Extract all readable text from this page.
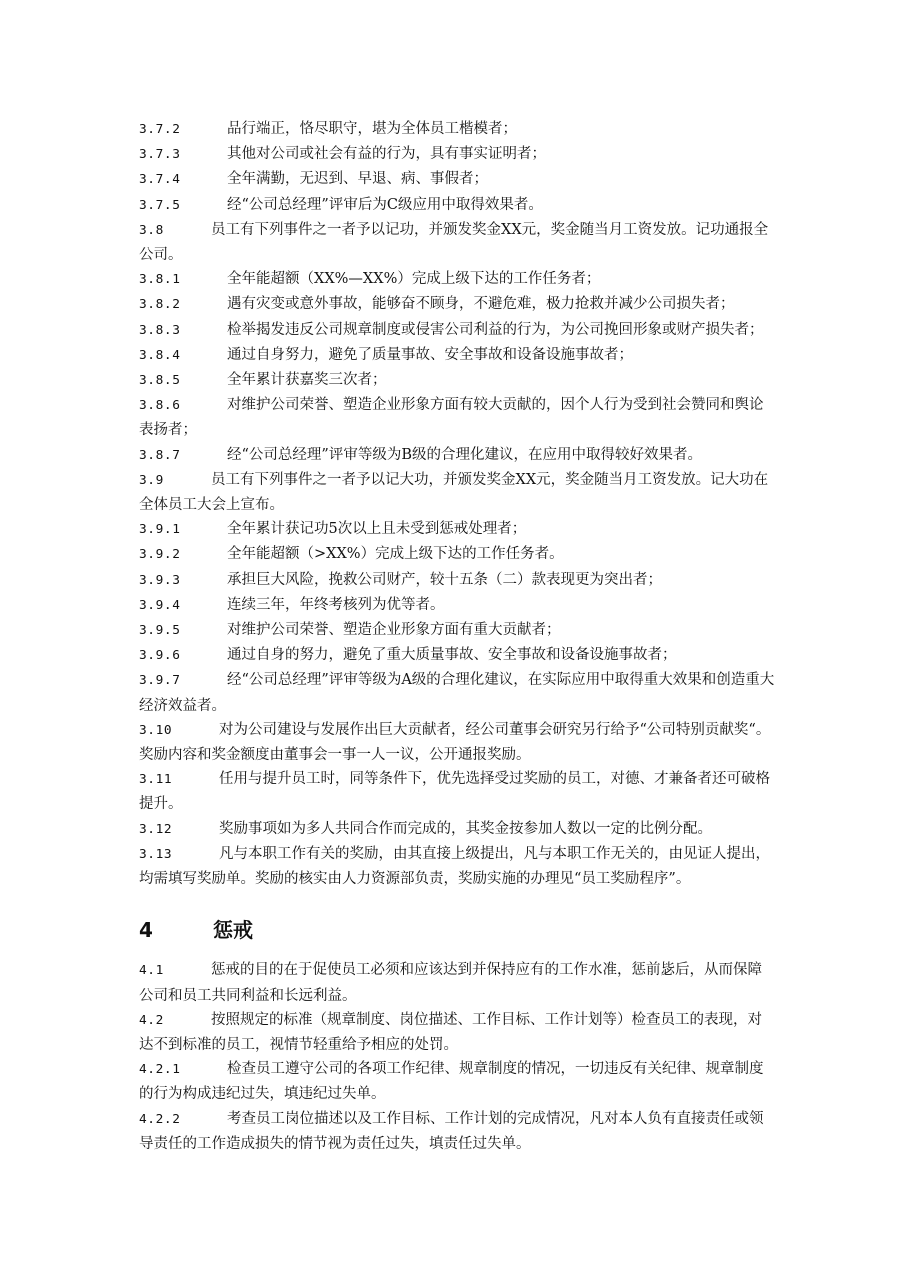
3.7.2	品行端正，恪尽职守，堪为全体员工楷模者；

3.7.3	其他对公司或社会有益的行为，具有事实证明者；

3.7.4	全年满勤，无迟到、早退、病、事假者；

3.7.5	经“公司总经理”评审后为C级应用中取得效果者。

3.8	员工有下列事件之一者予以记功，并颁发奖金XX元，奖金随当月工资发放。记功通报全公司。

3.8.1	全年能超额（XX%—XX%）完成上级下达的工作任务者；

3.8.2	遇有灾变或意外事故，能够奋不顾身，不避危难，极力抢救并减少公司损失者；

3.8.3	检举揭发违反公司规章制度或侵害公司利益的行为，为公司挽回形象或财产损失者；

3.8.4	通过自身努力，避免了质量事故、安全事故和设备设施事故者；

3.8.5	全年累计获嘉奖三次者；

3.8.6	对维护公司荣誉、塑造企业形象方面有较大贡献的，因个人行为受到社会赞同和舆论表扬者；

3.8.7	经“公司总经理”评审等级为B级的合理化建议，在应用中取得较好效果者。

3.9	员工有下列事件之一者予以记大功，并颁发奖金XX元，奖金随当月工资发放。记大功在全体员工大会上宣布。

3.9.1	全年累计获记功5次以上且未受到惩戒处理者；

3.9.2	全年能超额（>XX%）完成上级下达的工作任务者。

3.9.3	承担巨大风险，挽救公司财产，较十五条（二）款表现更为突出者；

3.9.4	连续三年，年终考核列为优等者。

3.9.5	对维护公司荣誉、塑造企业形象方面有重大贡献者；

3.9.6	通过自身的努力，避免了重大质量事故、安全事故和设备设施事故者；

3.9.7	经“公司总经理”评审等级为A级的合理化建议，在实际应用中取得重大效果和创造重大经济效益者。

3.10	对为公司建设与发展作出巨大贡献者，经公司董事会研究另行给予“公司特别贡献奖“。奖励内容和奖金额度由董事会一事一人一议，公开通报奖励。

3.11	任用与提升员工时，同等条件下，优先选择受过奖励的员工，对德、才兼备者还可破格提升。

3.12	奖励事项如为多人共同合作而完成的，其奖金按参加人数以一定的比例分配。

3.13	凡与本职工作有关的奖励，由其直接上级提出，凡与本职工作无关的，由见证人提出，均需填写奖励单。奖励的核实由人力资源部负责，奖励实施的办理见“员工奖励程序”。

4	惩戒

4.1	惩戒的目的在于促使员工必须和应该达到并保持应有的工作水准，惩前毖后，从而保障公司和员工共同利益和长远利益。

4.2	按照规定的标准（规章制度、岗位描述、工作目标、工作计划等）检查员工的表现，对达不到标准的员工，视情节轻重给予相应的处罚。

4.2.1	检查员工遵守公司的各项工作纪律、规章制度的情况，一切违反有关纪律、规章制度的行为构成违纪过失，填违纪过失单。

4.2.2	考查员工岗位描述以及工作目标、工作计划的完成情况，凡对本人负有直接责任或领导责任的工作造成损失的情节视为责任过失，填责任过失单。
